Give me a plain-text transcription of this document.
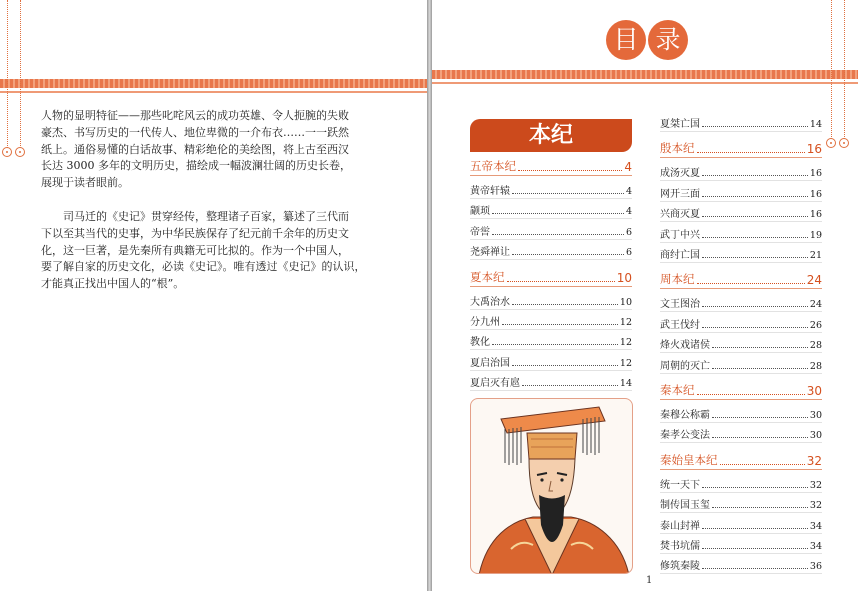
人物的显明特征——那些叱咤风云的成功英雄、令人扼腕的失败
豪杰、书写历史的一代传人、地位卑微的一介布衣……一一跃然
纸上。通俗易懂的白话故事、精彩绝伦的美绘图，将上古至西汉
长达 3000 多年的文明历史，描绘成一幅波澜壮阔的历史长卷，
展现于读者眼前。
　　司马迁的《史记》贯穿经传，整理诸子百家，纂述了三代而
下以至其当代的史事，为中华民族保存了纪元前千余年的历史文
化，这一巨著，是先秦所有典籍无可比拟的。作为一个中国人，
要了解自家的历史文化，必读《史记》。唯有透过《史记》的认识，
才能真正找出中国人的“根”。
目 录
本纪
五帝本纪	4
黄帝轩辕	4
颛顼	4
帝喾	6
尧舜禅让	6
夏本纪	10
大禹治水	10
分九州	12
教化	12
夏启治国	12
夏启灭有扈	14
夏桀亡国	14
殷本纪	16
成汤灭夏	16
网开三面	16
兴商灭夏	16
武丁中兴	19
商纣亡国	21
周本纪	24
文王图治	24
武王伐纣	26
烽火戏诸侯	28
周朝的灭亡	28
秦本纪	30
秦穆公称霸	30
秦孝公变法	30
秦始皇本纪	32
统一天下	32
制传国玉玺	32
泰山封禅	34
焚书坑儒	34
修筑秦陵	36
1
